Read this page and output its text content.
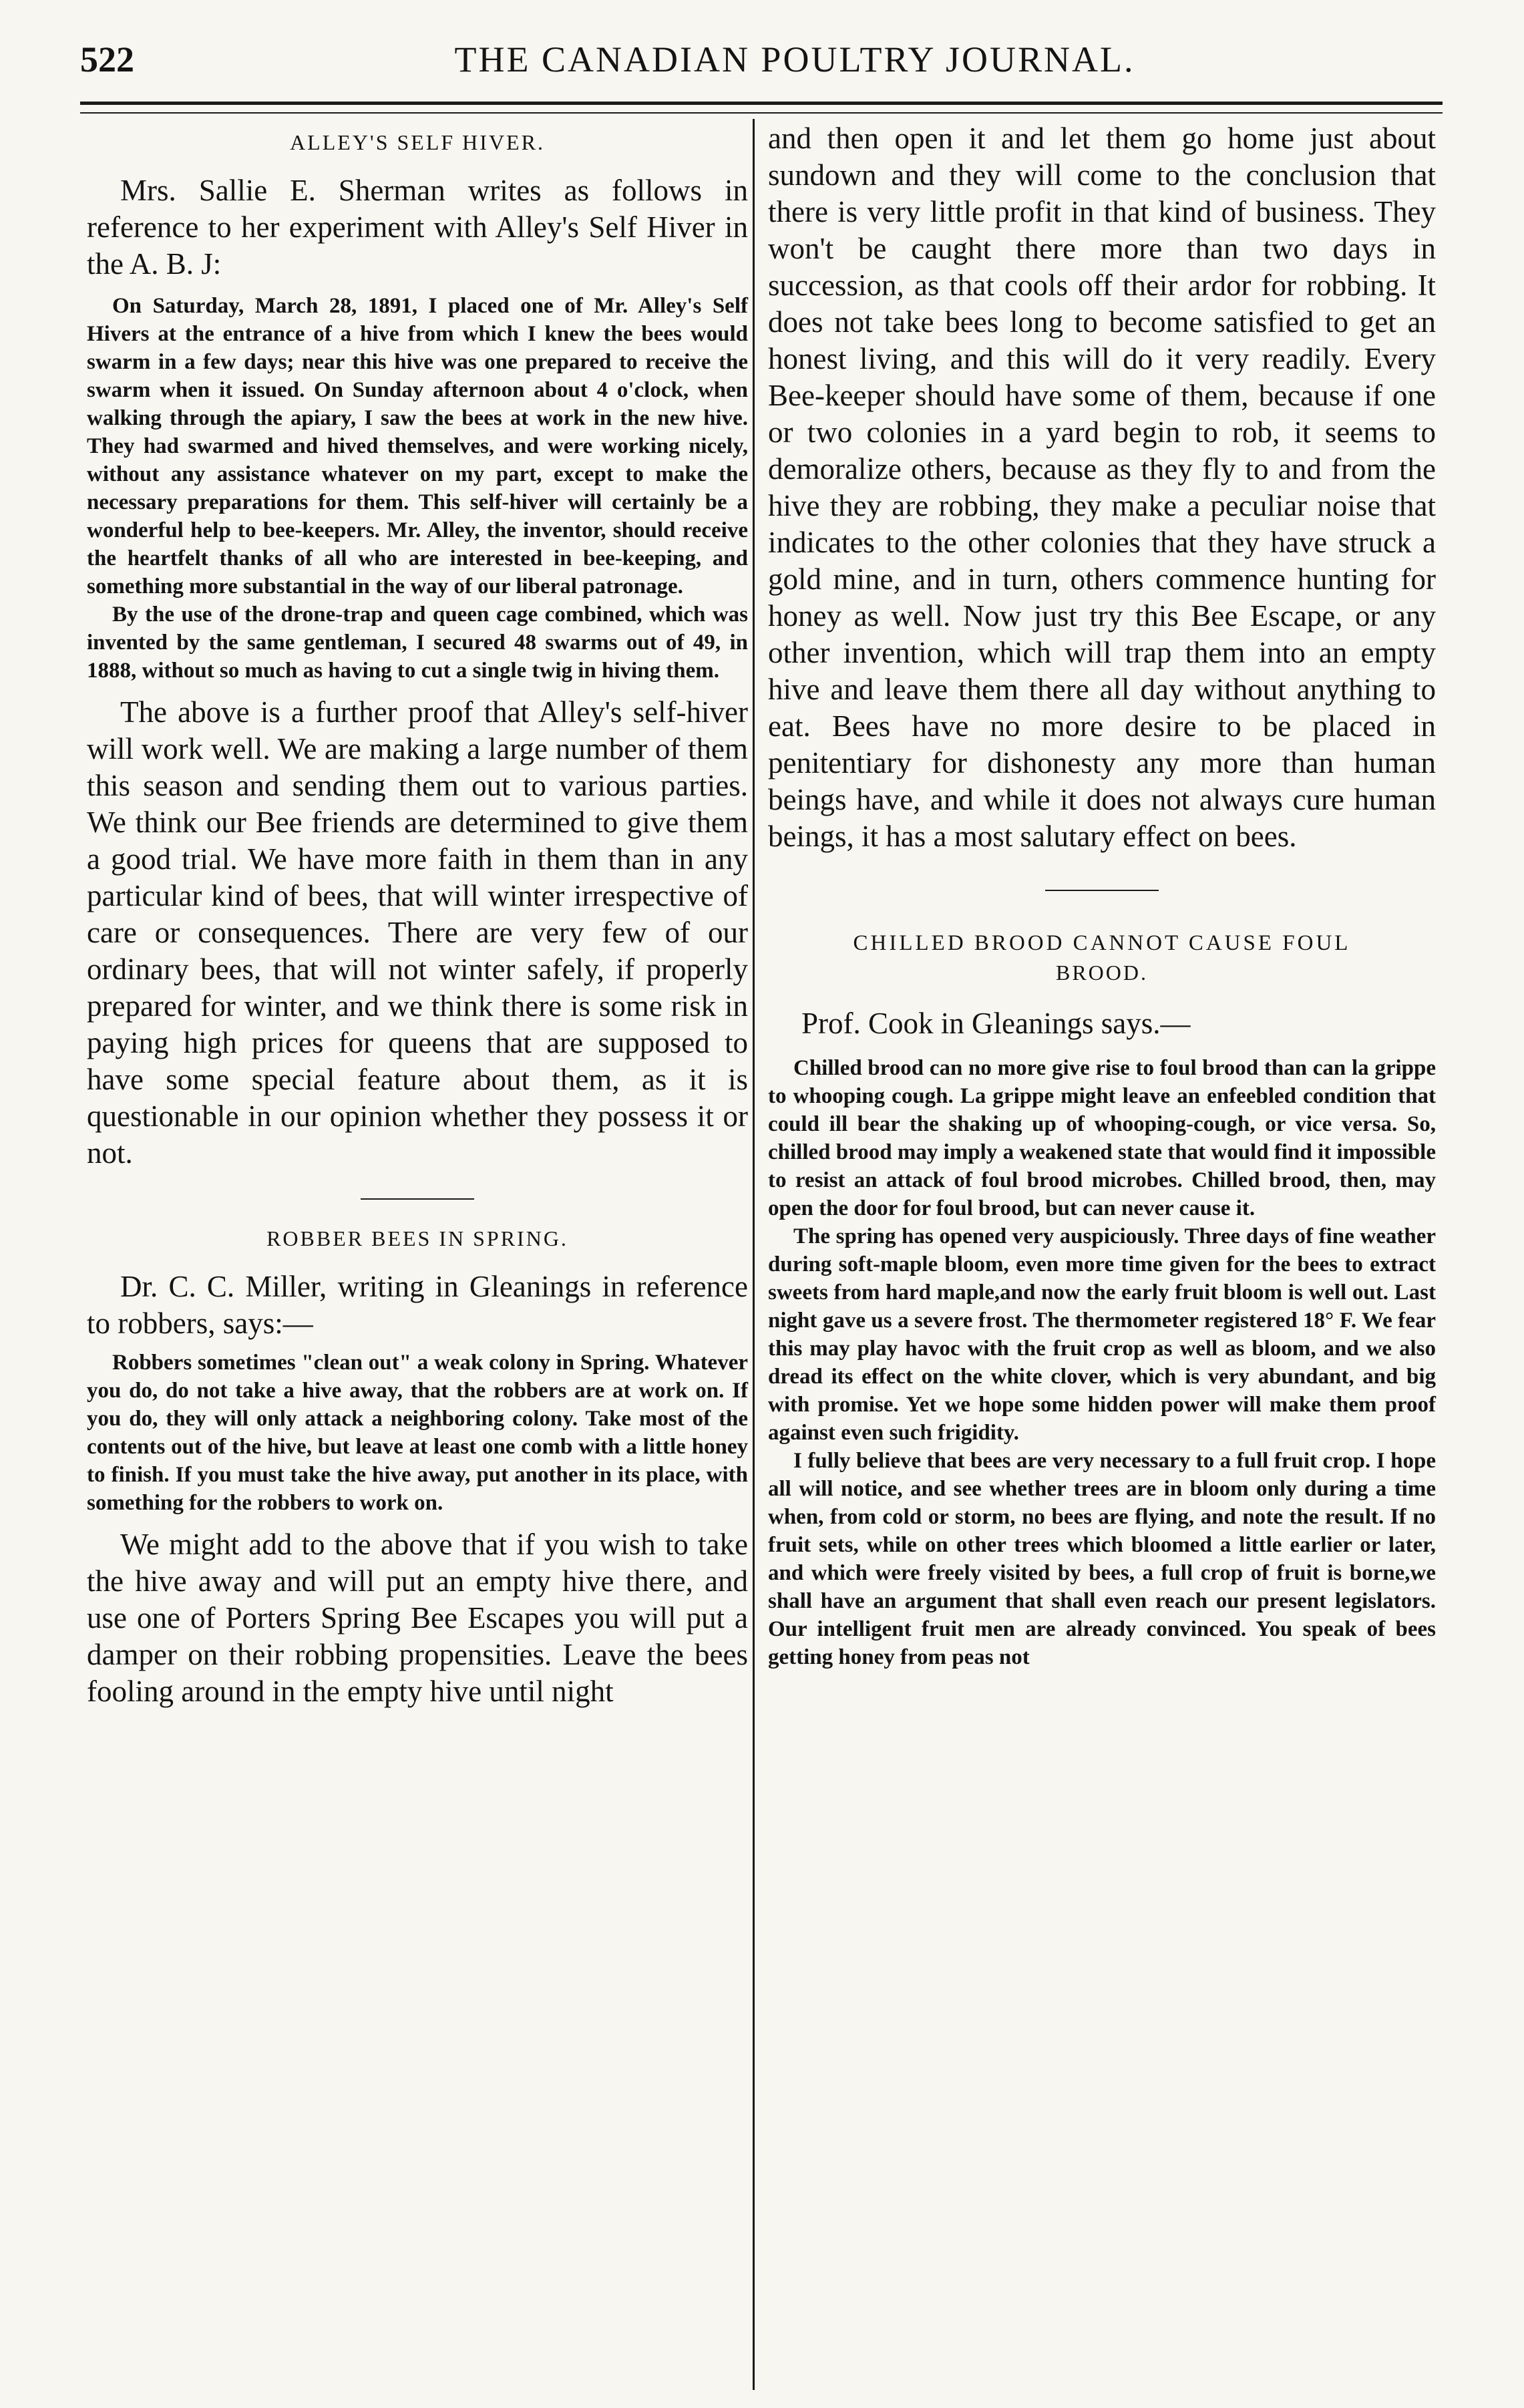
522	THE CANADIAN POULTRY JOURNAL.

ALLEY'S SELF HIVER.

Mrs. Sallie E. Sherman writes as follows in reference to her experiment with Alley's Self Hiver in the A. B. J:

On Saturday, March 28, 1891, I placed one of Mr. Alley's Self Hivers at the entrance of a hive from which I knew the bees would swarm in a few days; near this hive was one prepared to receive the swarm when it issued. On Sunday afternoon about 4 o'clock, when walking through the apiary, I saw the bees at work in the new hive. They had swarmed and hived themselves, and were working nicely, without any assistance whatever on my part, except to make the necessary preparations for them. This self-hiver will certainly be a wonderful help to bee-keepers. Mr. Alley, the inventor, should receive the heartfelt thanks of all who are interested in bee-keeping, and something more substantial in the way of our liberal patronage.

By the use of the drone-trap and queen cage combined, which was invented by the same gentleman, I secured 48 swarms out of 49, in 1888, without so much as having to cut a single twig in hiving them.

The above is a further proof that Alley's self-hiver will work well. We are making a large number of them this season and sending them out to various parties. We think our Bee friends are determined to give them a good trial. We have more faith in them than in any particular kind of bees, that will winter irrespective of care or consequences. There are very few of our ordinary bees, that will not winter safely, if properly prepared for winter, and we think there is some risk in paying high prices for queens that are supposed to have some special feature about them, as it is questionable in our opinion whether they possess it or not.

ROBBER BEES IN SPRING.

Dr. C. C. Miller, writing in Gleanings in reference to robbers, says:—

Robbers sometimes "clean out" a weak colony in Spring. Whatever you do, do not take a hive away, that the robbers are at work on. If you do, they will only attack a neighboring colony. Take most of the contents out of the hive, but leave at least one comb with a little honey to finish. If you must take the hive away, put another in its place, with something for the robbers to work on.

We might add to the above that if you wish to take the hive away and will put an empty hive there, and use one of Porters Spring Bee Escapes you will put a damper on their robbing propensities. Leave the bees fooling around in the empty hive until night

and then open it and let them go home just about sundown and they will come to the conclusion that there is very little profit in that kind of business. They won't be caught there more than two days in succession, as that cools off their ardor for robbing. It does not take bees long to become satisfied to get an honest living, and this will do it very readily. Every Bee-keeper should have some of them, because if one or two colonies in a yard begin to rob, it seems to demoralize others, because as they fly to and from the hive they are robbing, they make a peculiar noise that indicates to the other colonies that they have struck a gold mine, and in turn, others commence hunting for honey as well. Now just try this Bee Escape, or any other invention, which will trap them into an empty hive and leave them there all day without anything to eat. Bees have no more desire to be placed in penitentiary for dishonesty any more than human beings have, and while it does not always cure human beings, it has a most salutary effect on bees.

CHILLED BROOD CANNOT CAUSE FOUL

BROOD.

Prof. Cook in Gleanings says.—

Chilled brood can no more give rise to foul brood than can la grippe to whooping cough. La grippe might leave an enfeebled condition that could ill bear the shaking up of whooping-cough, or vice versa. So, chilled brood may imply a weakened state that would find it impossible to resist an attack of foul brood microbes. Chilled brood, then, may open the door for foul brood, but can never cause it.

The spring has opened very auspiciously. Three days of fine weather during soft-maple bloom, even more time given for the bees to extract sweets from hard maple,and now the early fruit bloom is well out. Last night gave us a severe frost. The thermometer registered 18° F. We fear this may play havoc with the fruit crop as well as bloom, and we also dread its effect on the white clover, which is very abundant, and big with promise. Yet we hope some hidden power will make them proof against even such frigidity.

I fully believe that bees are very necessary to a full fruit crop. I hope all will notice, and see whether trees are in bloom only during a time when, from cold or storm, no bees are flying, and note the result. If no fruit sets, while on other trees which bloomed a little earlier or later, and which were freely visited by bees, a full crop of fruit is borne,we shall have an argument that shall even reach our present legislators. Our intelligent fruit men are already convinced. You speak of bees getting honey from peas not
